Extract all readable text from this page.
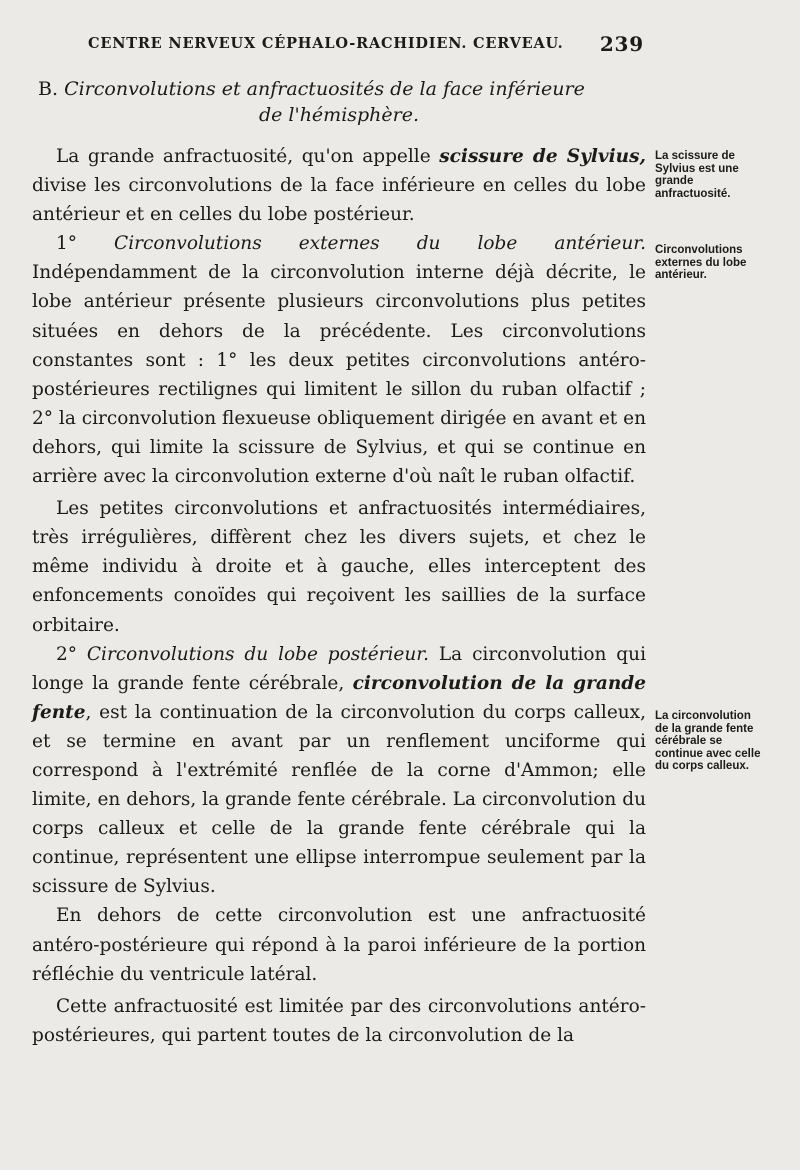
CENTRE NERVEUX CÉPHALO-RACHIDIEN. CERVEAU. 239
B. Circonvolutions et anfractuosités de la face inférieure
de l'hémisphère.

La grande anfractuosité, qu'on appelle scissure de Sylvius, divise les circonvolutions de la face inférieure en celles du lobe antérieur et en celles du lobe postérieur.

1° Circonvolutions externes du lobe antérieur. Indépendamment de la circonvolution interne déjà décrite, le lobe antérieur présente plusieurs circonvolutions plus petites situées en dehors de la précédente. Les circonvolutions constantes sont : 1° les deux petites circonvolutions antéro-postérieures rectilignes qui limitent le sillon du ruban olfactif ; 2° la circonvolution flexueuse obliquement dirigée en avant et en dehors, qui limite la scissure de Sylvius, et qui se continue en arrière avec la circonvolution externe d'où naît le ruban olfactif.

Les petites circonvolutions et anfractuosités intermédiaires, très irrégulières, diffèrent chez les divers sujets, et chez le même individu à droite et à gauche, elles interceptent des enfoncements conoïdes qui reçoivent les saillies de la surface orbitaire.

2° Circonvolutions du lobe postérieur. La circonvolution qui longe la grande fente cérébrale, circonvolution de la grande fente, est la continuation de la circonvolution du corps calleux, et se termine en avant par un renflement unciforme qui correspond à l'extrémité renflée de la corne d'Ammon; elle limite, en dehors, la grande fente cérébrale. La circonvolution du corps calleux et celle de la grande fente cérébrale qui la continue, représentent une ellipse interrompue seulement par la scissure de Sylvius.

En dehors de cette circonvolution est une anfractuosité antéro-postérieure qui répond à la paroi inférieure de la portion réfléchie du ventricule latéral.

Cette anfractuosité est limitée par des circonvolutions antéro-postérieures, qui partent toutes de la circonvolution de la

La scissure de Sylvius est une grande anfractuosité.
Circonvolutions externes du lobe antérieur.
La circonvolution de la grande fente cérébrale se continue avec celle du corps calleux.
